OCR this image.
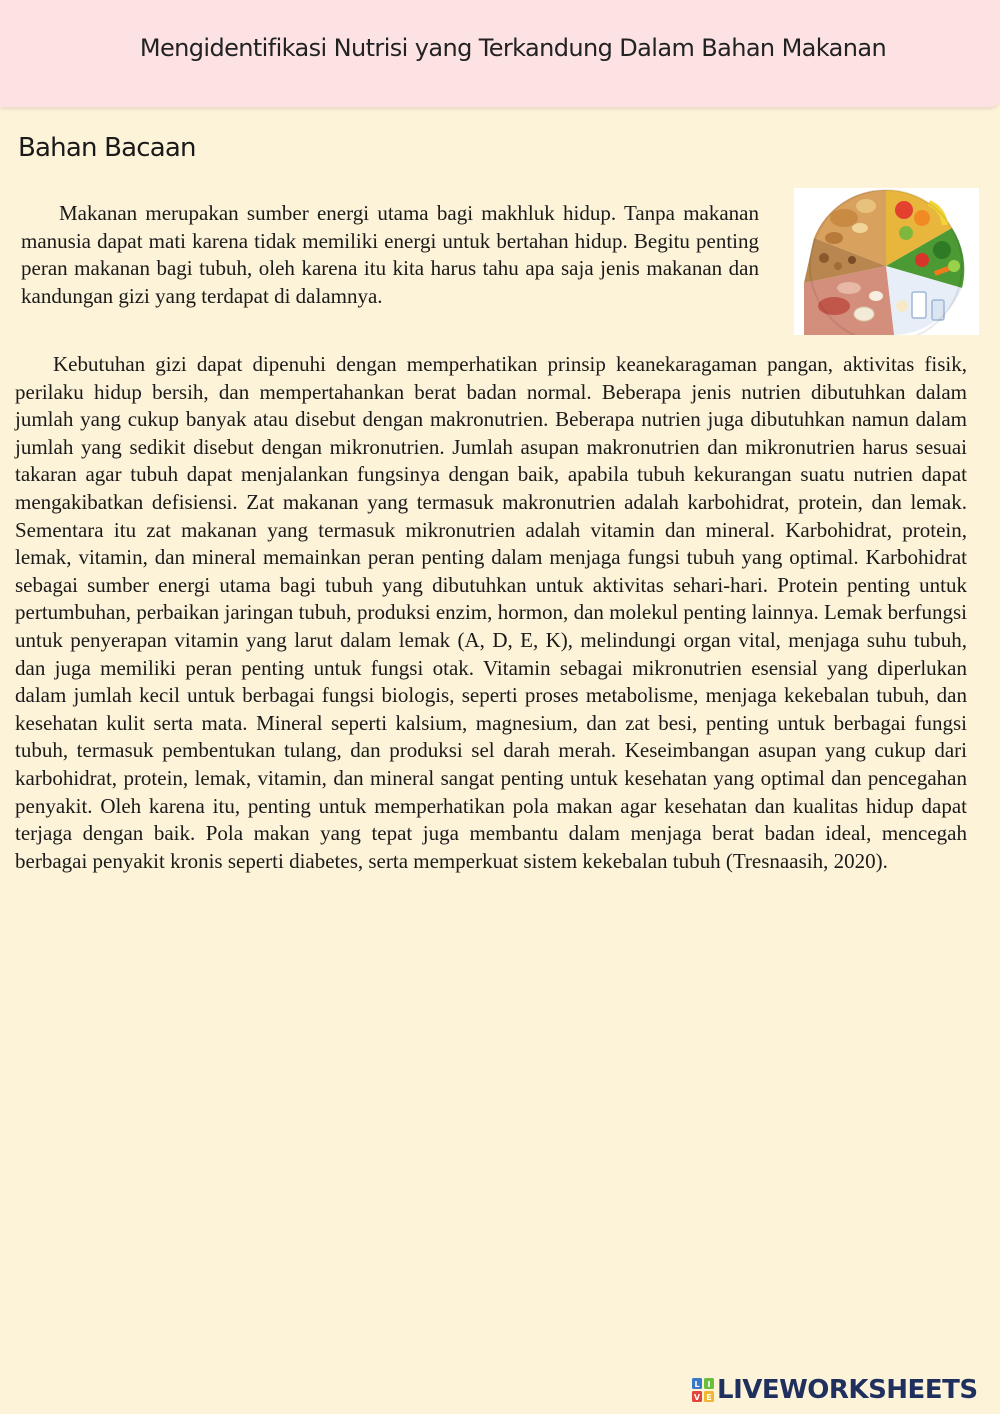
Mengidentifikasi Nutrisi yang Terkandung Dalam Bahan Makanan
Bahan Bacaan

Makanan merupakan sumber energi utama bagi makhluk hidup. Tanpa makanan manusia dapat mati karena tidak memiliki energi untuk bertahan hidup. Begitu penting peran makanan bagi tubuh, oleh karena itu kita harus tahu apa saja jenis makanan dan kandungan gizi yang terdapat di dalamnya.

Kebutuhan gizi dapat dipenuhi dengan memperhatikan prinsip keanekaragaman pangan, aktivitas fisik, perilaku hidup bersih, dan mempertahankan berat badan normal. Beberapa jenis nutrien dibutuhkan dalam jumlah yang cukup banyak atau disebut dengan makronutrien. Beberapa nutrien juga dibutuhkan namun dalam jumlah yang sedikit disebut dengan mikronutrien. Jumlah asupan makronutrien dan mikronutrien harus sesuai takaran agar tubuh dapat menjalankan fungsinya dengan baik, apabila tubuh kekurangan suatu nutrien dapat mengakibatkan defisiensi. Zat makanan yang termasuk makronutrien adalah karbohidrat, protein, dan lemak. Sementara itu zat makanan yang termasuk mikronutrien adalah vitamin dan mineral. Karbohidrat, protein, lemak, vitamin, dan mineral memainkan peran penting dalam menjaga fungsi tubuh yang optimal. Karbohidrat sebagai sumber energi utama bagi tubuh yang dibutuhkan untuk aktivitas sehari-hari. Protein penting untuk pertumbuhan, perbaikan jaringan tubuh, produksi enzim, hormon, dan molekul penting lainnya. Lemak berfungsi untuk penyerapan vitamin yang larut dalam lemak (A, D, E, K), melindungi organ vital, menjaga suhu tubuh, dan juga memiliki peran penting untuk fungsi otak. Vitamin sebagai mikronutrien esensial yang diperlukan dalam jumlah kecil untuk berbagai fungsi biologis, seperti proses metabolisme, menjaga kekebalan tubuh, dan kesehatan kulit serta mata. Mineral seperti kalsium, magnesium, dan zat besi, penting untuk berbagai fungsi tubuh, termasuk pembentukan tulang, dan produksi sel darah merah. Keseimbangan asupan yang cukup dari karbohidrat, protein, lemak, vitamin, dan mineral sangat penting untuk kesehatan yang optimal dan pencegahan penyakit. Oleh karena itu, penting untuk memperhatikan pola makan agar kesehatan dan kualitas hidup dapat terjaga dengan baik. Pola makan yang tepat juga membantu dalam menjaga berat badan ideal, mencegah berbagai penyakit kronis seperti diabetes, serta memperkuat sistem kekebalan tubuh (Tresnaasih, 2020).

L I
V E LIVEWORKSHEETS
